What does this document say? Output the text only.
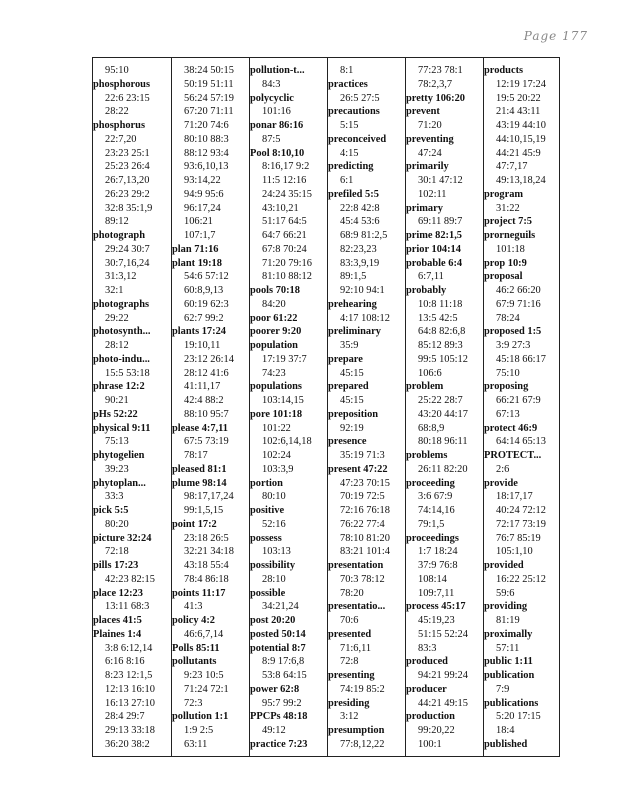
Page 177
95:10
phosphorous
22:6 23:15
28:22
phosphorus
22:7,20
23:23 25:1
25:23 26:4
26:7,13,20
26:23 29:2
32:8 35:1,9
89:12
photograph
29:24 30:7
30:7,16,24
31:3,12
32:1
photographs
29:22
photosynth...
28:12
photo-indu...
15:5 53:18
phrase 12:2
90:21
pHs 52:22
physical 9:11
75:13
phytogelien
39:23
phytoplan...
33:3
pick 5:5
80:20
picture 32:24
72:18
pills 17:23
42:23 82:15
place 12:23
13:11 68:3
places 41:5
Plaines 1:4
3:8 6:12,14
6:16 8:16
8:23 12:1,5
12:13 16:10
16:13 27:10
28:4 29:7
29:13 33:18
36:20 38:2
38:24 50:15
50:19 51:11
56:24 57:19
67:20 71:11
71:20 74:6
80:10 88:3
88:12 93:4
93:6,10,13
93:14,22
94:9 95:6
96:17,24
106:21
107:1,7
plan 71:16
plant 19:18
54:6 57:12
60:8,9,13
60:19 62:3
62:7 99:2
plants 17:24
19:10,11
23:12 26:14
28:12 41:6
41:11,17
42:4 88:2
88:10 95:7
please 4:7,11
67:5 73:19
78:17
pleased 81:1
plume 98:14
98:17,17,24
99:1,5,15
point 17:2
23:18 26:5
32:21 34:18
43:18 55:4
78:4 86:18
points 11:17
41:3
policy 4:2
46:6,7,14
Polls 85:11
pollutants
9:23 10:5
71:24 72:1
72:3
pollution 1:1
1:9 2:5
63:11
pollution-t...
84:3
polycyclic
101:16
ponar 86:16
87:5
Pool 8:10,10
8:16,17 9:2
11:5 12:16
24:24 35:15
43:10,21
51:17 64:5
64:7 66:21
67:8 70:24
71:20 79:16
81:10 88:12
pools 70:18
84:20
poor 61:22
poorer 9:20
population
17:19 37:7
74:23
populations
103:14,15
pore 101:18
101:22
102:6,14,18
102:24
103:3,9
portion
80:10
positive
52:16
possess
103:13
possibility
28:10
possible
34:21,24
post 20:20
posted 50:14
potential 8:7
8:9 17:6,8
53:8 64:15
power 62:8
95:7 99:2
PPCPs 48:18
49:12
practice 7:23
8:1
practices
26:5 27:5
precautions
5:15
preconceived
4:15
predicting
6:1
prefiled 5:5
22:8 42:8
45:4 53:6
68:9 81:2,5
82:23,23
83:3,9,19
89:1,5
92:10 94:1
prehearing
4:17 108:12
preliminary
35:9
prepare
45:15
prepared
45:15
preposition
92:19
presence
35:19 71:3
present 47:22
47:23 70:15
70:19 72:5
72:16 76:18
76:22 77:4
78:10 81:20
83:21 101:4
presentation
70:3 78:12
78:20
presentatio...
70:6
presented
71:6,11
72:8
presenting
74:19 85:2
presiding
3:12
presumption
77:8,12,22
77:23 78:1
78:2,3,7
pretty 106:20
prevent
71:20
preventing
47:24
primarily
30:1 47:12
102:11
primary
69:11 89:7
prime 82:1,5
prior 104:14
probable 6:4
6:7,11
probably
10:8 11:18
13:5 42:5
64:8 82:6,8
85:12 89:3
99:5 105:12
106:6
problem
25:22 28:7
43:20 44:17
68:8,9
80:18 96:11
problems
26:11 82:20
proceeding
3:6 67:9
74:14,16
79:1,5
proceedings
1:7 18:24
37:9 76:8
108:14
109:7,11
process 45:17
45:19,23
51:15 52:24
83:3
produced
94:21 99:24
producer
44:21 49:15
production
99:20,22
100:1
products
12:19 17:24
19:5 20:22
21:4 43:11
43:19 44:10
44:10,15,19
44:21 45:9
47:7,17
49:13,18,24
program
31:22
project 7:5
prorneguils
101:18
prop 10:9
proposal
46:2 66:20
67:9 71:16
78:24
proposed 1:5
3:9 27:3
45:18 66:17
75:10
proposing
66:21 67:9
67:13
protect 46:9
64:14 65:13
PROTECT...
2:6
provide
18:17,17
40:24 72:12
72:17 73:19
76:7 85:19
105:1,10
provided
16:22 25:12
59:6
providing
81:19
proximally
57:11
public 1:11
publication
7:9
publications
5:20 17:15
18:4
published
